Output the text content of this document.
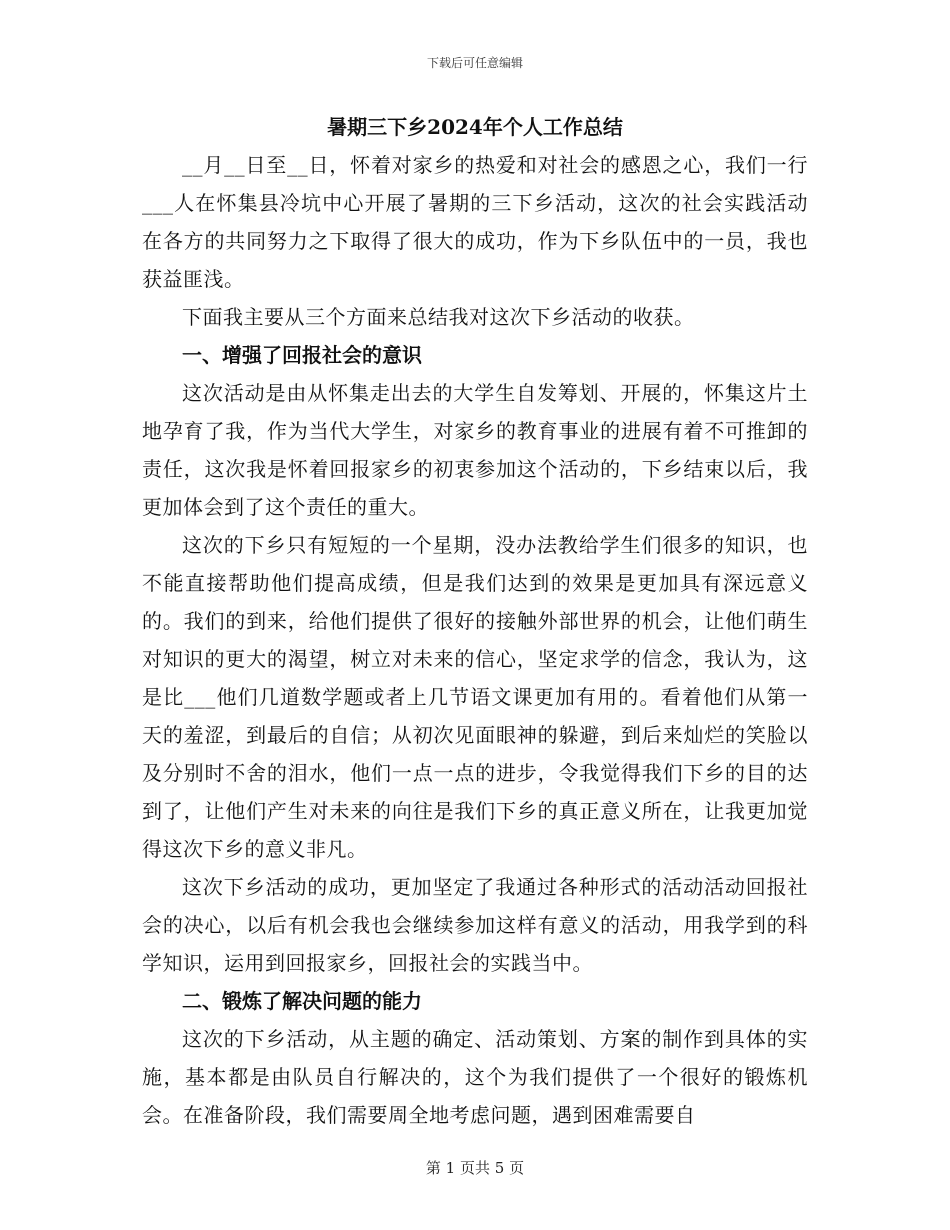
下载后可任意编辑
暑期三下乡2024年个人工作总结

__月__日至__日，怀着对家乡的热爱和对社会的感恩之心，我们一行___人在怀集县冷坑中心开展了暑期的三下乡活动，这次的社会实践活动在各方的共同努力之下取得了很大的成功，作为下乡队伍中的一员，我也获益匪浅。

下面我主要从三个方面来总结我对这次下乡活动的收获。

一、增强了回报社会的意识

这次活动是由从怀集走出去的大学生自发筹划、开展的，怀集这片土地孕育了我，作为当代大学生，对家乡的教育事业的进展有着不可推卸的责任，这次我是怀着回报家乡的初衷参加这个活动的，下乡结束以后，我更加体会到了这个责任的重大。

这次的下乡只有短短的一个星期，没办法教给学生们很多的知识，也不能直接帮助他们提高成绩，但是我们达到的效果是更加具有深远意义的。我们的到来，给他们提供了很好的接触外部世界的机会，让他们萌生对知识的更大的渴望，树立对未来的信心，坚定求学的信念，我认为，这是比___他们几道数学题或者上几节语文课更加有用的。看着他们从第一天的羞涩，到最后的自信；从初次见面眼神的躲避，到后来灿烂的笑脸以及分别时不舍的泪水，他们一点一点的进步，令我觉得我们下乡的目的达到了，让他们产生对未来的向往是我们下乡的真正意义所在，让我更加觉得这次下乡的意义非凡。

这次下乡活动的成功，更加坚定了我通过各种形式的活动活动回报社会的决心，以后有机会我也会继续参加这样有意义的活动，用我学到的科学知识，运用到回报家乡，回报社会的实践当中。

二、锻炼了解决问题的能力

这次的下乡活动，从主题的确定、活动策划、方案的制作到具体的实施，基本都是由队员自行解决的，这个为我们提供了一个很好的锻炼机会。在准备阶段，我们需要周全地考虑问题，遇到困难需要自

第 1 页共 5 页
